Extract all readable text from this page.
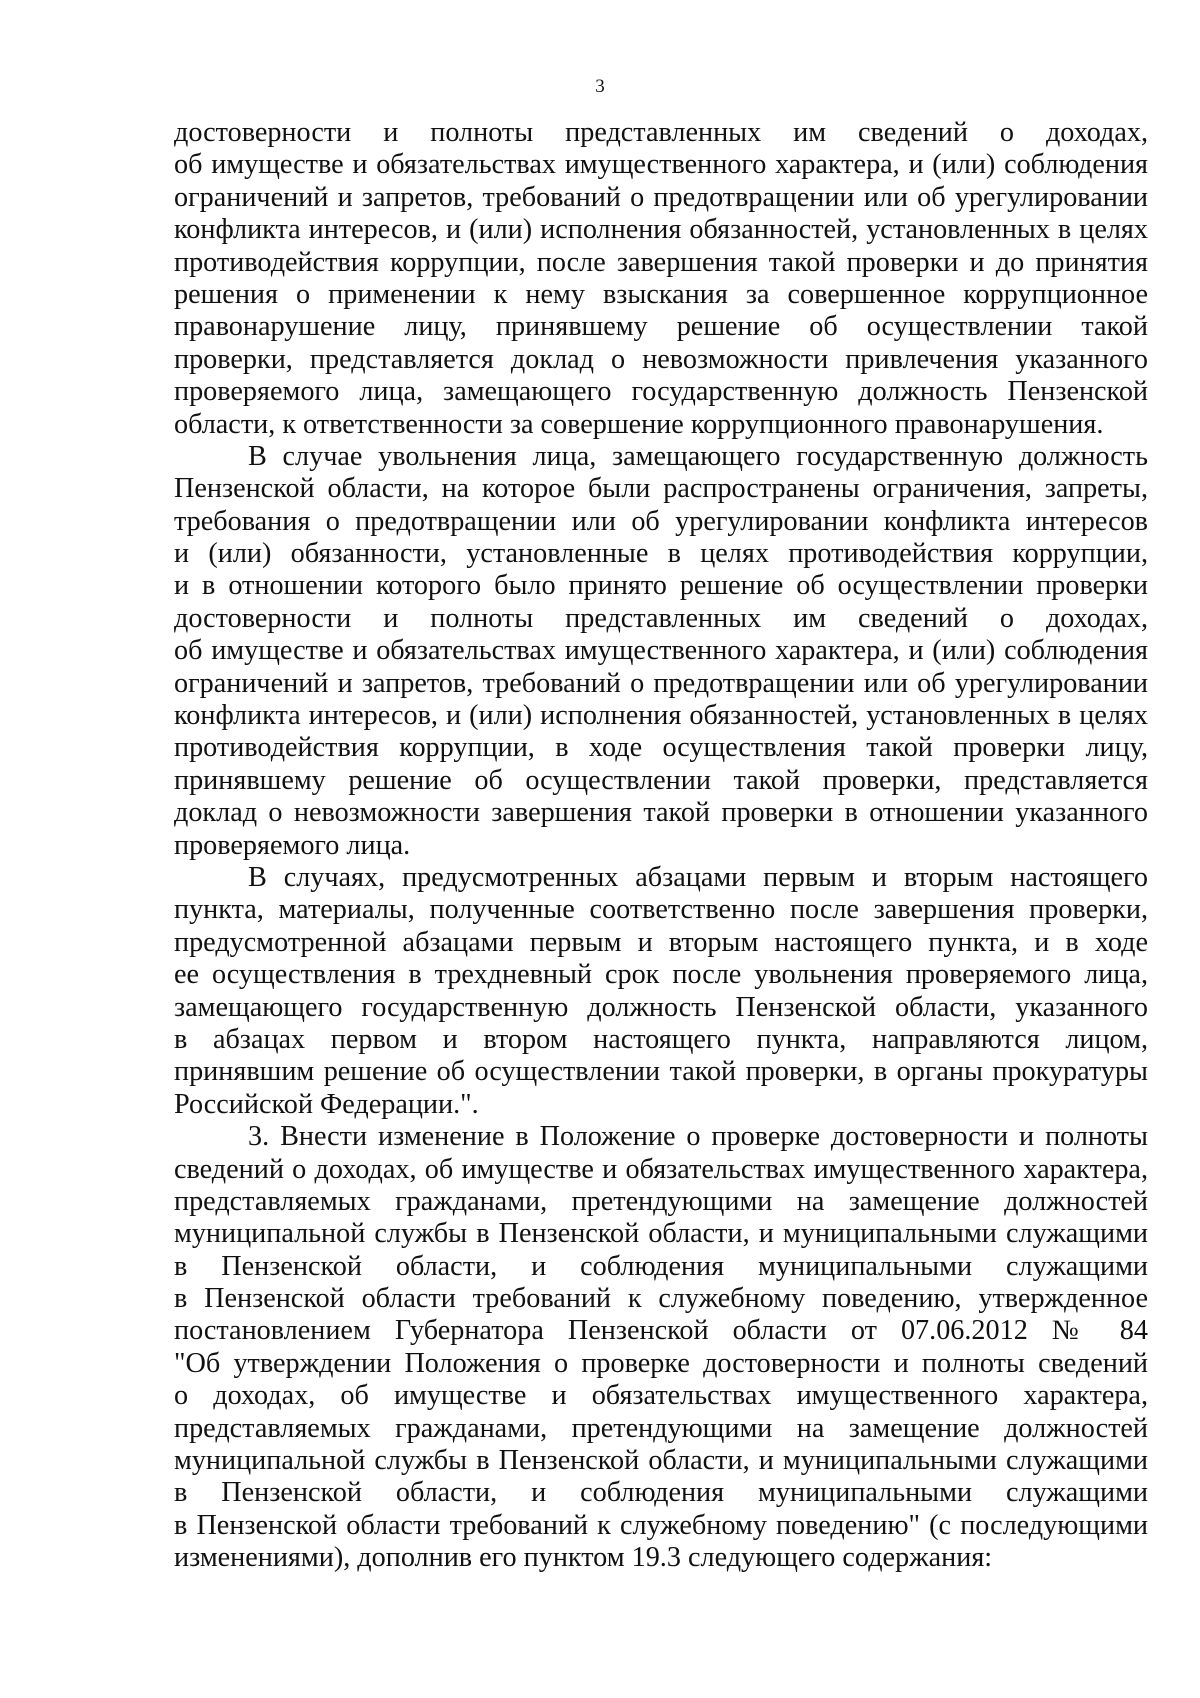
3
достоверности и полноты представленных им сведений о доходах,
об имуществе и обязательствах имущественного характера, и (или) соблюдения
ограничений и запретов, требований о предотвращении или об урегулировании
конфликта интересов, и (или) исполнения обязанностей, установленных в целях
противодействия коррупции, после завершения такой проверки и до принятия
решения о применении к нему взыскания за совершенное коррупционное
правонарушение лицу, принявшему решение об осуществлении такой
проверки, представляется доклад о невозможности привлечения указанного
проверяемого лица, замещающего государственную должность Пензенской
области, к ответственности за совершение коррупционного правонарушения.
В случае увольнения лица, замещающего государственную должность
Пензенской области, на которое были распространены ограничения, запреты,
требования о предотвращении или об урегулировании конфликта интересов
и (или) обязанности, установленные в целях противодействия коррупции,
и в отношении которого было принято решение об осуществлении проверки
достоверности и полноты представленных им сведений о доходах,
об имуществе и обязательствах имущественного характера, и (или) соблюдения
ограничений и запретов, требований о предотвращении или об урегулировании
конфликта интересов, и (или) исполнения обязанностей, установленных в целях
противодействия коррупции, в ходе осуществления такой проверки лицу,
принявшему решение об осуществлении такой проверки, представляется
доклад о невозможности завершения такой проверки в отношении указанного
проверяемого лица.
В случаях, предусмотренных абзацами первым и вторым настоящего
пункта, материалы, полученные соответственно после завершения проверки,
предусмотренной абзацами первым и вторым настоящего пункта, и в ходе
ее осуществления в трехдневный срок после увольнения проверяемого лица,
замещающего государственную должность Пензенской области, указанного
в абзацах первом и втором настоящего пункта, направляются лицом,
принявшим решение об осуществлении такой проверки, в органы прокуратуры
Российской Федерации.".
3. Внести изменение в Положение о проверке достоверности и полноты
сведений о доходах, об имуществе и обязательствах имущественного характера,
представляемых гражданами, претендующими на замещение должностей
муниципальной службы в Пензенской области, и муниципальными служащими
в Пензенской области, и соблюдения муниципальными служащими
в Пензенской области требований к служебному поведению, утвержденное
постановлением Губернатора Пензенской области от 07.06.2012 № 84
"Об утверждении Положения о проверке достоверности и полноты сведений
о доходах, об имуществе и обязательствах имущественного характера,
представляемых гражданами, претендующими на замещение должностей
муниципальной службы в Пензенской области, и муниципальными служащими
в Пензенской области, и соблюдения муниципальными служащими
в Пензенской области требований к служебному поведению" (с последующими
изменениями), дополнив его пунктом 19.3 следующего содержания:
